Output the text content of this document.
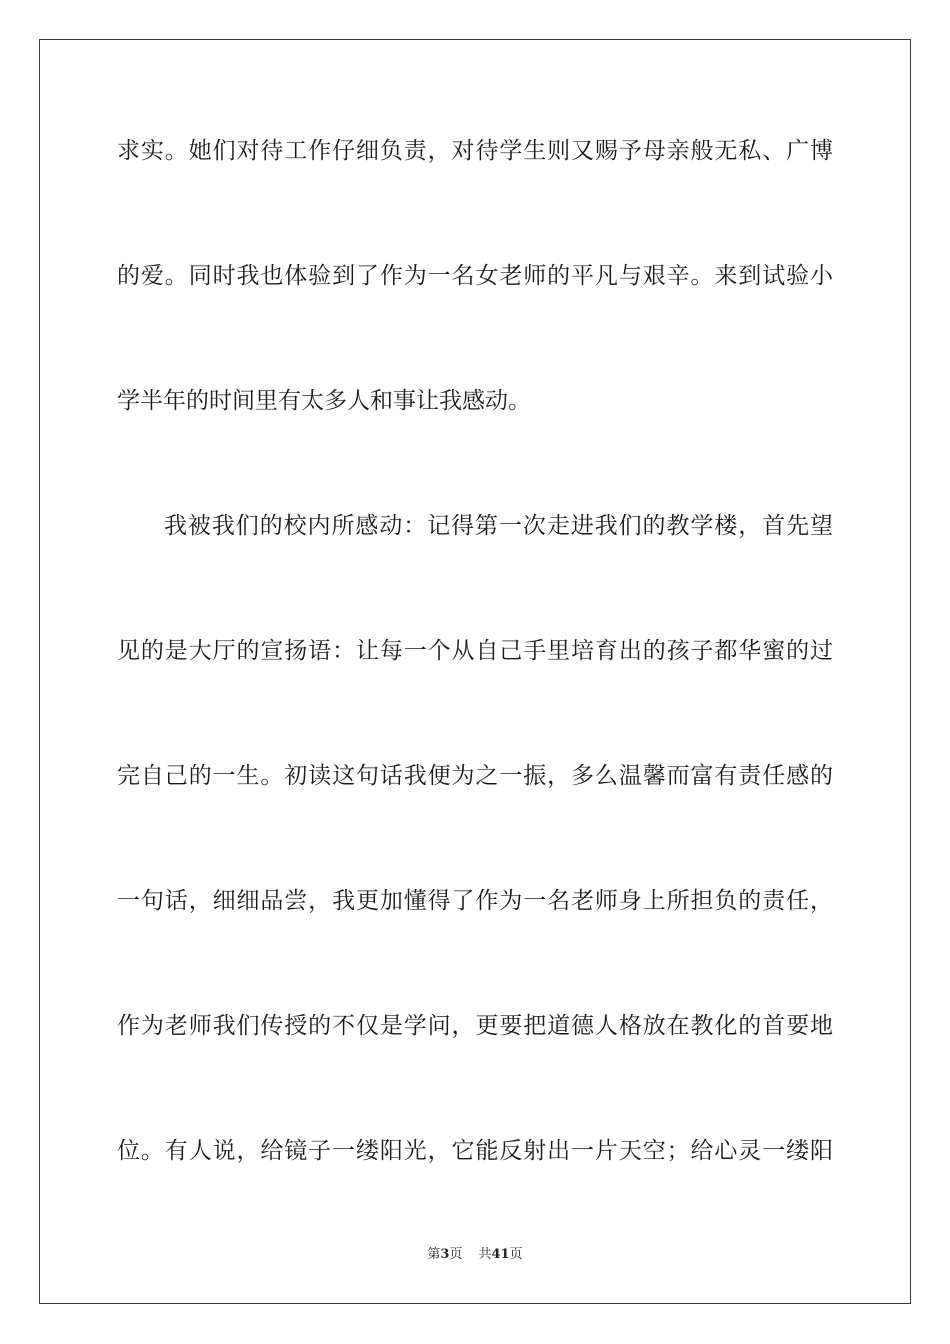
求实。她们对待工作仔细负责，对待学生则又赐予母亲般无私、广博
的爱。同时我也体验到了作为一名女老师的平凡与艰辛。来到试验小
学半年的时间里有太多人和事让我感动。
我被我们的校内所感动：记得第一次走进我们的教学楼，首先望
见的是大厅的宣扬语：让每一个从自己手里培育出的孩子都华蜜的过
完自己的一生。初读这句话我便为之一振，多么温馨而富有责任感的
一句话，细细品尝，我更加懂得了作为一名老师身上所担负的责任，
作为老师我们传授的不仅是学问，更要把道德人格放在教化的首要地
位。有人说，给镜子一缕阳光，它能反射出一片天空；给心灵一缕阳
第3页 共41页
